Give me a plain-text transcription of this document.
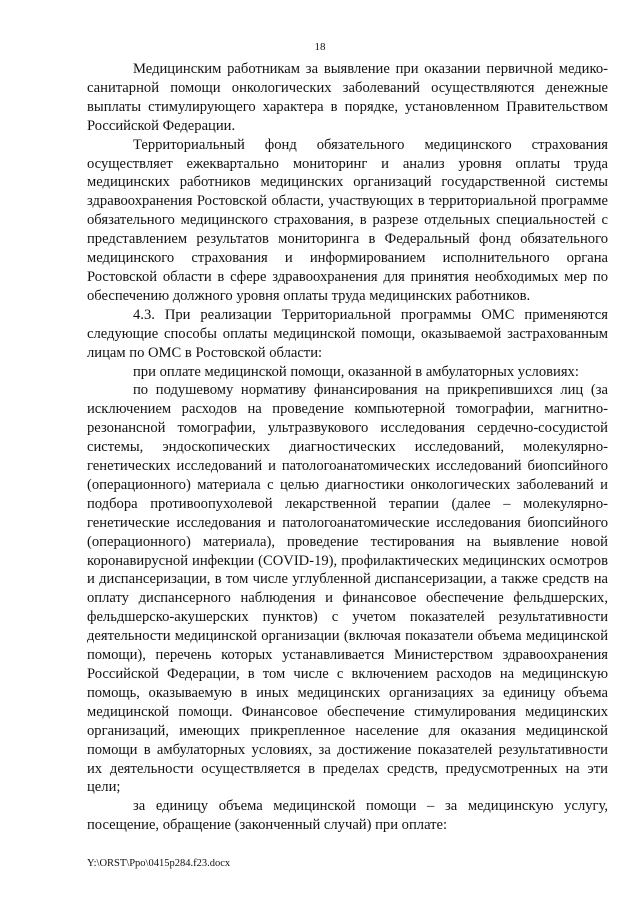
18

Медицинским работникам за выявление при оказании первичной медико-санитарной помощи онкологических заболеваний осуществляются денежные выплаты стимулирующего характера в порядке, установленном Правительством Российской Федерации.

Территориальный фонд обязательного медицинского страхования осуществляет ежеквартально мониторинг и анализ уровня оплаты труда медицинских работников медицинских организаций государственной системы здравоохранения Ростовской области, участвующих в территориальной программе обязательного медицинского страхования, в разрезе отдельных специальностей с представлением результатов мониторинга в Федеральный фонд обязательного медицинского страхования и информированием исполнительного органа Ростовской области в сфере здравоохранения для принятия необходимых мер по обеспечению должного уровня оплаты труда медицинских работников.

4.3. При реализации Территориальной программы ОМС применяются следующие способы оплаты медицинской помощи, оказываемой застрахованным лицам по ОМС в Ростовской области:

при оплате медицинской помощи, оказанной в амбулаторных условиях:

по подушевому нормативу финансирования на прикрепившихся лиц (за исключением расходов на проведение компьютерной томографии, магнитно-резонансной томографии, ультразвукового исследования сердечно-сосудистой системы, эндоскопических диагностических исследований, молекулярно-генетических исследований и патологоанатомических исследований биопсийного (операционного) материала с целью диагностики онкологических заболеваний и подбора противоопухолевой лекарственной терапии (далее – молекулярно-генетические исследования и патологоанатомические исследования биопсийного (операционного) материала), проведение тестирования на выявление новой коронавирусной инфекции (COVID-19), профилактических медицинских осмотров и диспансеризации, в том числе углубленной диспансеризации, а также средств на оплату диспансерного наблюдения и финансовое обеспечение фельдшерских, фельдшерско-акушерских пунктов) с учетом показателей результативности деятельности медицинской организации (включая показатели объема медицинской помощи), перечень которых устанавливается Министерством здравоохранения Российской Федерации, в том числе с включением расходов на медицинскую помощь, оказываемую в иных медицинских организациях за единицу объема медицинской помощи. Финансовое обеспечение стимулирования медицинских организаций, имеющих прикрепленное население для оказания медицинской помощи в амбулаторных условиях, за достижение показателей результативности их деятельности осуществляется в пределах средств, предусмотренных на эти цели;

за единицу объема медицинской помощи – за медицинскую услугу, посещение, обращение (законченный случай) при оплате:

Y:\ORST\Ppo\0415p284.f23.docx
